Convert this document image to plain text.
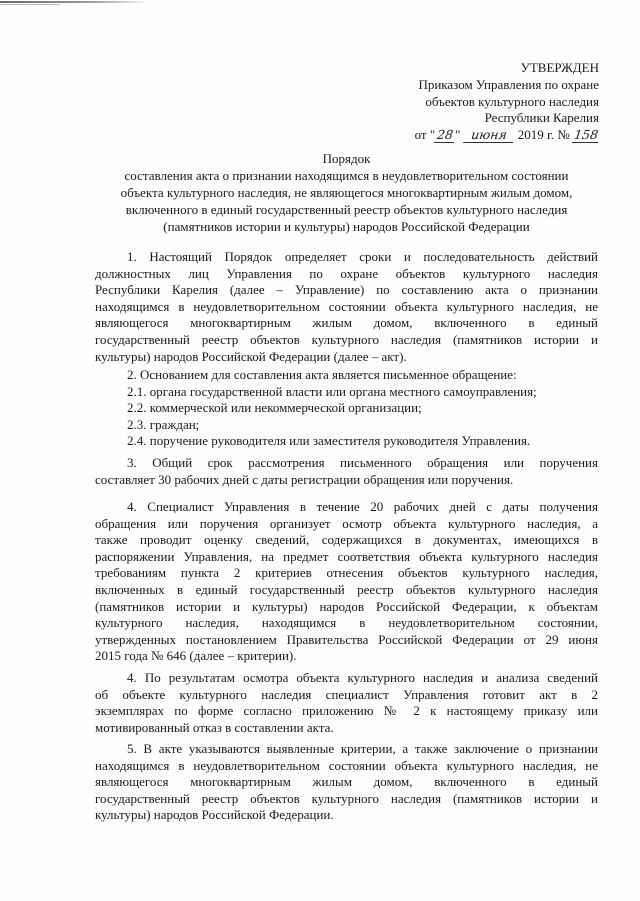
УТВЕРЖДЕН
Приказом Управления по охране
объектов культурного наследия
Республики Карелия
от "28" июня 2019 г. № 158
Порядок
составления акта о признании находящимся в неудовлетворительном состоянии
объекта культурного наследия, не являющегося многоквартирным жилым домом,
включенного в единый государственный реестр объектов культурного наследия
(памятников истории и культуры) народов Российской Федерации
1. Настоящий Порядок определяет сроки и последовательность действий
должностных лиц Управления по охране объектов культурного наследия
Республики Карелия (далее – Управление) по составлению акта о признании
находящимся в неудовлетворительном состоянии объекта культурного наследия, не
являющегося многоквартирным жилым домом, включенного в единый
государственный реестр объектов культурного наследия (памятников истории и
культуры) народов Российской Федерации (далее – акт).
2. Основанием для составления акта является письменное обращение:
2.1. органа государственной власти или органа местного самоуправления;
2.2. коммерческой или некоммерческой организации;
2.3. граждан;
2.4. поручение руководителя или заместителя руководителя Управления.
3. Общий срок рассмотрения письменного обращения или поручения
составляет 30 рабочих дней с даты регистрации обращения или поручения.
4. Специалист Управления в течение 20 рабочих дней с даты получения
обращения или поручения организует осмотр объекта культурного наследия, а
также проводит оценку сведений, содержащихся в документах, имеющихся в
распоряжении Управления, на предмет соответствия объекта культурного наследия
требованиям пункта 2 критериев отнесения объектов культурного наследия,
включенных в единый государственный реестр объектов культурного наследия
(памятников истории и культуры) народов Российской Федерации, к объектам
культурного наследия, находящимся в неудовлетворительном состоянии,
утвержденных постановлением Правительства Российской Федерации от 29 июня
2015 года № 646 (далее – критерии).
4. По результатам осмотра объекта культурного наследия и анализа сведений
об объекте культурного наследия специалист Управления готовит акт в 2
экземплярах по форме согласно приложению № 2 к настоящему приказу или
мотивированный отказ в составлении акта.
5. В акте указываются выявленные критерии, а также заключение о признании
находящимся в неудовлетворительном состоянии объекта культурного наследия, не
являющегося многоквартирным жилым домом, включенного в единый
государственный реестр объектов культурного наследия (памятников истории и
культуры) народов Российской Федерации.
